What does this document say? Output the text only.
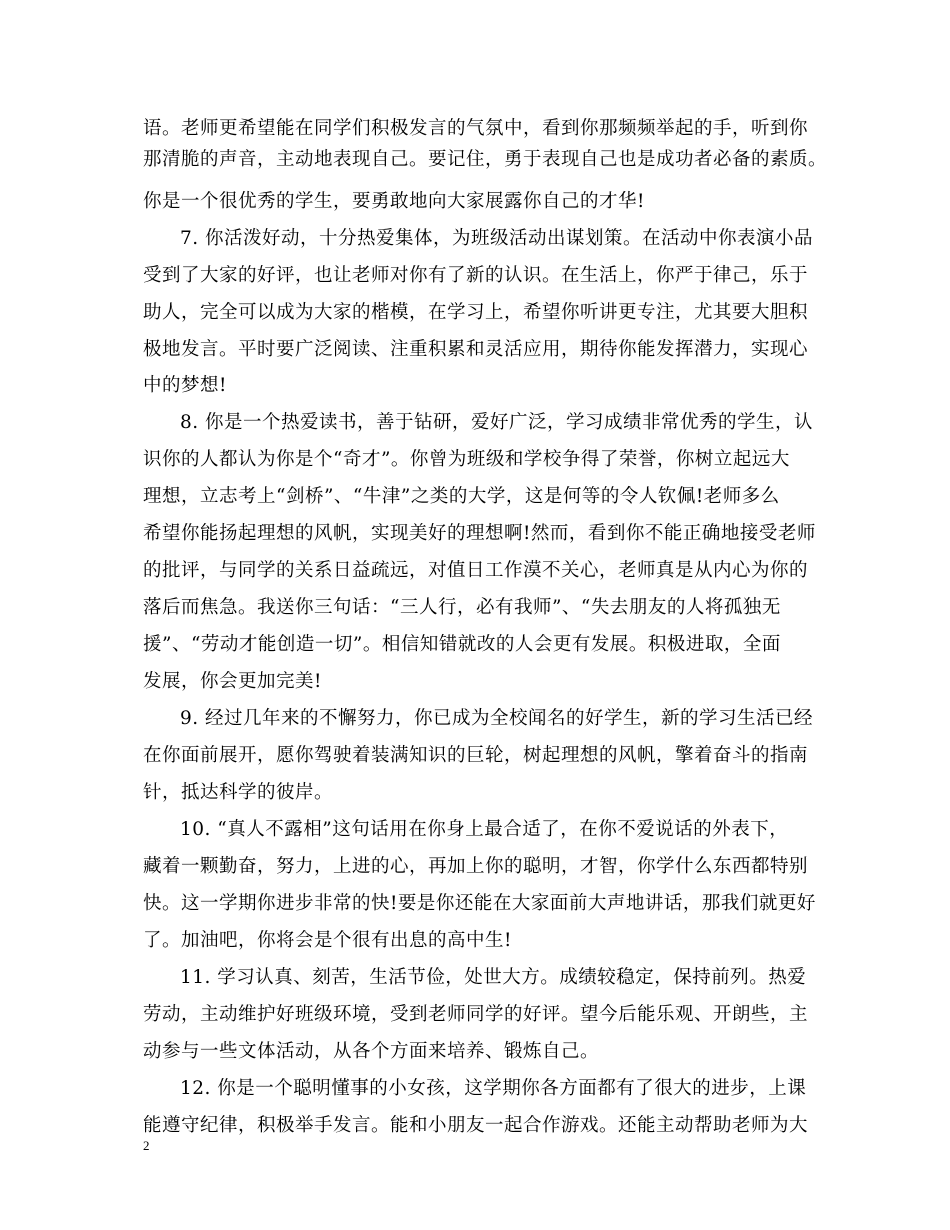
语。老师更希望能在同学们积极发言的气氛中，看到你那频频举起的手，听到你
那清脆的声音，主动地表现自己。要记住，勇于表现自己也是成功者必备的素质。
你是一个很优秀的学生，要勇敢地向大家展露你自己的才华!
7. 你活泼好动，十分热爱集体，为班级活动出谋划策。在活动中你表演小品
受到了大家的好评，也让老师对你有了新的认识。在生活上，你严于律己，乐于
助人，完全可以成为大家的楷模，在学习上，希望你听讲更专注，尤其要大胆积
极地发言。平时要广泛阅读、注重积累和灵活应用，期待你能发挥潜力，实现心
中的梦想!
8. 你是一个热爱读书，善于钻研，爱好广泛，学习成绩非常优秀的学生，认
识你的人都认为你是个“奇才”。你曾为班级和学校争得了荣誉，你树立起远大
理想，立志考上“剑桥”、“牛津”之类的大学，这是何等的令人钦佩!老师多么
希望你能扬起理想的风帆，实现美好的理想啊!然而，看到你不能正确地接受老师
的批评，与同学的关系日益疏远，对值日工作漠不关心，老师真是从内心为你的
落后而焦急。我送你三句话：“三人行，必有我师”、“失去朋友的人将孤独无
援”、“劳动才能创造一切”。相信知错就改的人会更有发展。积极进取，全面
发展，你会更加完美!
9. 经过几年来的不懈努力，你已成为全校闻名的好学生，新的学习生活已经
在你面前展开，愿你驾驶着装满知识的巨轮，树起理想的风帆，擎着奋斗的指南
针，抵达科学的彼岸。
10. “真人不露相”这句话用在你身上最合适了，在你不爱说话的外表下，
藏着一颗勤奋，努力，上进的心，再加上你的聪明，才智，你学什么东西都特别
快。这一学期你进步非常的快!要是你还能在大家面前大声地讲话，那我们就更好
了。加油吧，你将会是个很有出息的高中生!
11. 学习认真、刻苦，生活节俭，处世大方。成绩较稳定，保持前列。热爱
劳动，主动维护好班级环境，受到老师同学的好评。望今后能乐观、开朗些，主
动参与一些文体活动，从各个方面来培养、锻炼自己。
12. 你是一个聪明懂事的小女孩，这学期你各方面都有了很大的进步，上课
能遵守纪律，积极举手发言。能和小朋友一起合作游戏。还能主动帮助老师为大
2
